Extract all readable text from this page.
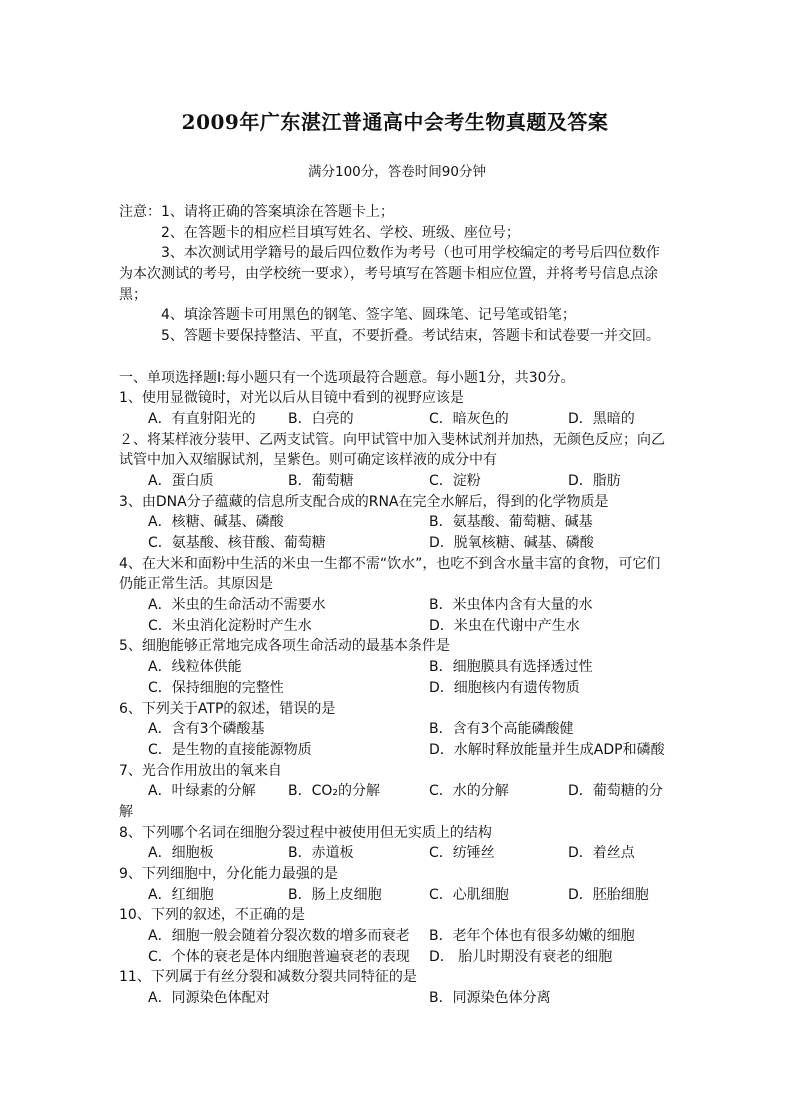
2009年广东湛江普通高中会考生物真题及答案
满分100分，答卷时间90分钟
注意：1、请将正确的答案填涂在答题卡上；
2、在答题卡的相应栏目填写姓名、学校、班级、座位号；
3、本次测试用学籍号的最后四位数作为考号（也可用学校编定的考号后四位数作
为本次测试的考号，由学校统一要求），考号填写在答题卡相应位置，并将考号信息点涂
黑；
4、填涂答题卡可用黑色的钢笔、签字笔、圆珠笔、记号笔或铅笔；
5、答题卡要保持整洁、平直，不要折叠。考试结束，答题卡和试卷要一并交回。
一、单项选择题Ⅰ:每小题只有一个选项最符合题意。每小题1分，共30分。
1、使用显微镜时，对光以后从目镜中看到的视野应该是
A．有直射阳光的 B．白亮的	C．暗灰色的	D．黑暗的
２、将某样液分装甲、乙两支试管。向甲试管中加入斐林试剂并加热，无颜色反应；向乙
试管中加入双缩脲试剂，呈紫色。则可确定该样液的成分中有
A．蛋白质	B．葡萄糖	C．淀粉	D．脂肪
3、由DNA分子蕴藏的信息所支配合成的RNA在完全水解后，得到的化学物质是
A．核糖、碱基、磷酸	B．氨基酸、葡萄糖、碱基
C．氨基酸、核苷酸、葡萄糖	D．脱氧核糖、碱基、磷酸
4、在大米和面粉中生活的米虫一生都不需“饮水”，也吃不到含水量丰富的食物，可它们
仍能正常生活。其原因是
A．米虫的生命活动不需要水	B．米虫体内含有大量的水
C．米虫消化淀粉时产生水	D．米虫在代谢中产生水
5、细胞能够正常地完成各项生命活动的最基本条件是
A．线粒体供能	B．细胞膜具有选择透过性
C．保持细胞的完整性	D．细胞核内有遗传物质
6、下列关于ATP的叙述，错误的是
A．含有3个磷酸基	B．含有3个高能磷酸健
C．是生物的直接能源物质	D．水解时释放能量并生成ADP和磷酸
7、光合作用放出的氧来自
A．叶绿素的分解 B．CO₂的分解	C．水的分解	D．葡萄糖的分
解
8、下列哪个名词在细胞分裂过程中被使用但无实质上的结构
A．细胞板	B．赤道板	C．纺锤丝	D．着丝点
9、下列细胞中，分化能力最强的是
A．红细胞	B．肠上皮细胞	C．心肌细胞	D．胚胎细胞
10、下列的叙述，不正确的是
A．细胞一般会随着分裂次数的增多而衰老 B．老年个体也有很多幼嫩的细胞
C．个体的衰老是体内细胞普遍衰老的表现 D． 胎儿时期没有衰老的细胞
11、下列属于有丝分裂和减数分裂共同特征的是
A．同源染色体配对	B．同源染色体分离
